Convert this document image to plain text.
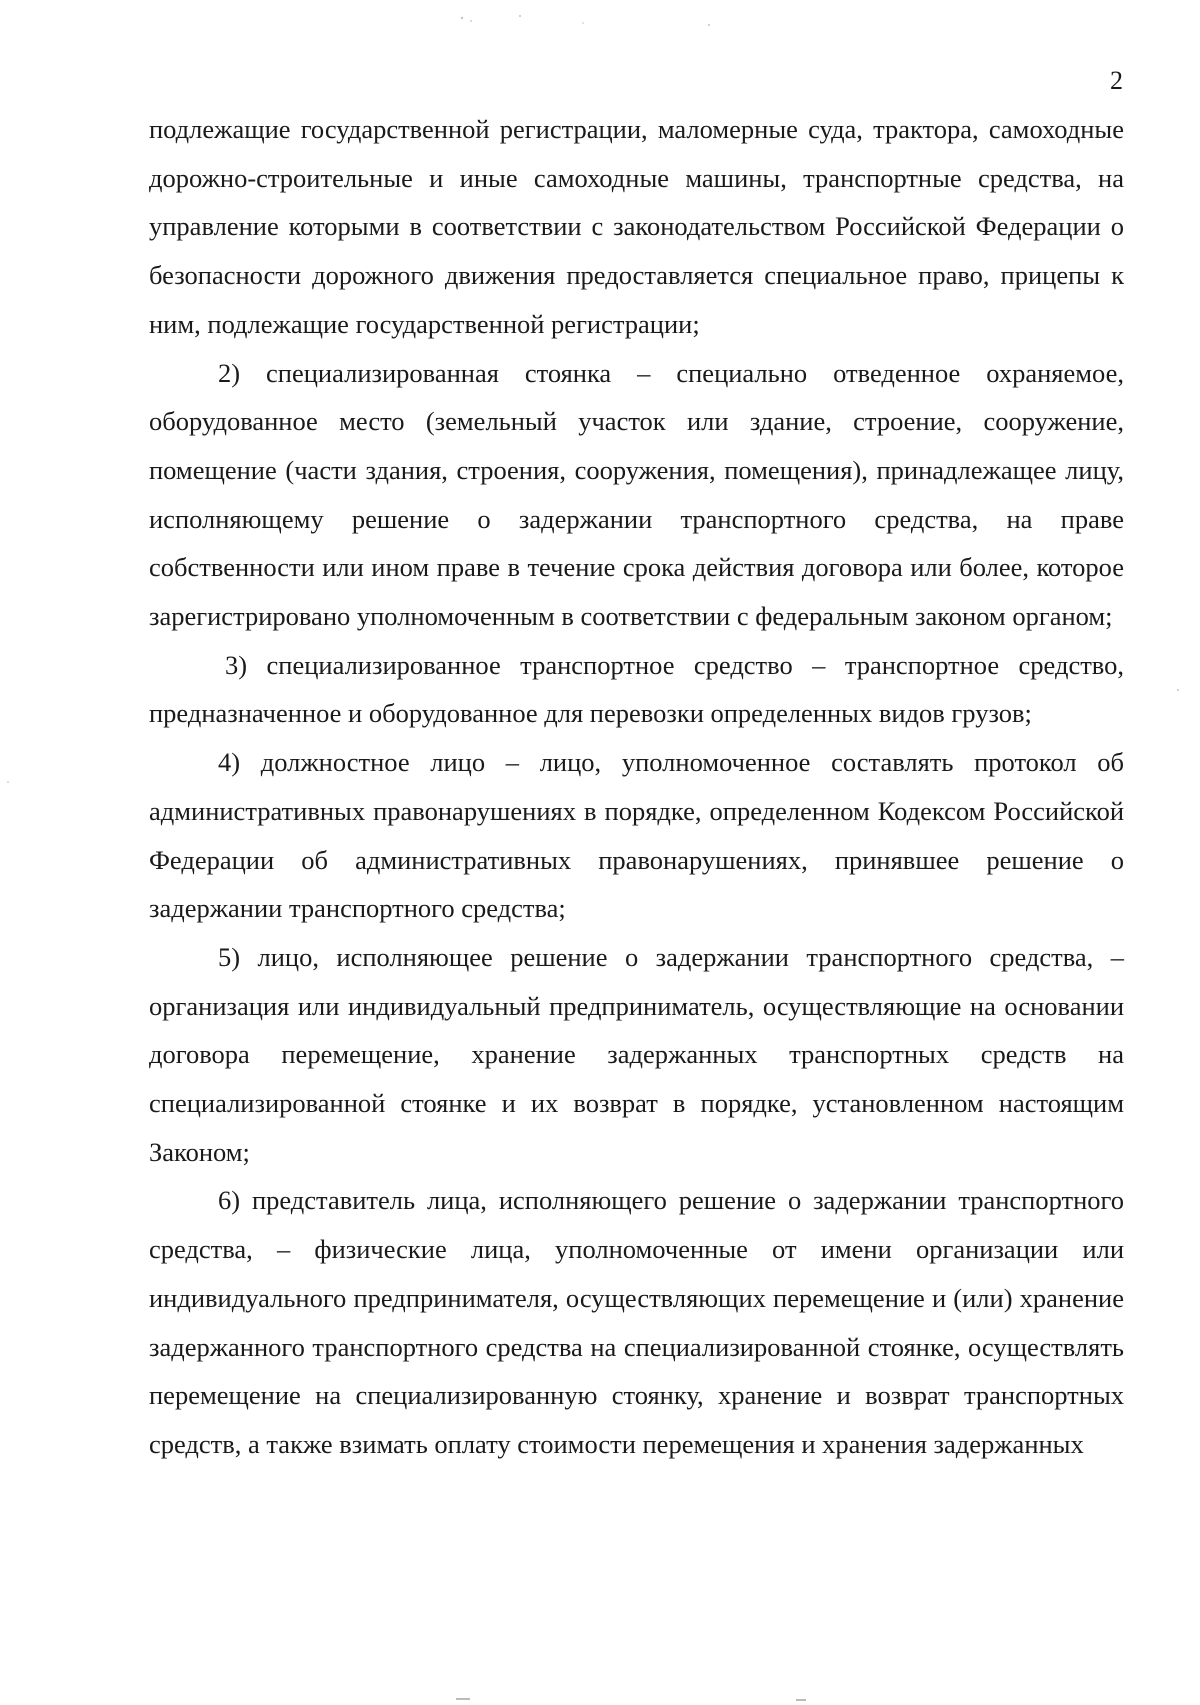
2

подлежащие государственной регистрации, маломерные суда, трактора, самоходные дорожно-строительные и иные самоходные машины, транспортные средства, на управление которыми в соответствии с законодательством Российской Федерации о безопасности дорожного движения предоставляется специальное право, прицепы к ним, подлежащие государственной регистрации;

2) специализированная стоянка – специально отведенное охраняемое, оборудованное место (земельный участок или здание, строение, сооружение, помещение (части здания, строения, сооружения, помещения), принадлежащее лицу, исполняющему решение о задержании транспортного средства, на праве собственности или ином праве в течение срока действия договора или более, которое зарегистрировано уполномоченным в соответствии с федеральным законом органом;

3) специализированное транспортное средство – транспортное средство, предназначенное и оборудованное для перевозки определенных видов грузов;

4) должностное лицо – лицо, уполномоченное составлять протокол об административных правонарушениях в порядке, определенном Кодексом Российской Федерации об административных правонарушениях, принявшее решение о задержании транспортного средства;

5) лицо, исполняющее решение о задержании транспортного средства, – организация или индивидуальный предприниматель, осуществляющие на основании договора перемещение, хранение задержанных транспортных средств на специализированной стоянке и их возврат в порядке, установленном настоящим Законом;

6) представитель лица, исполняющего решение о задержании транспортного средства, – физические лица, уполномоченные от имени организации или индивидуального предпринимателя, осуществляющих перемещение и (или) хранение задержанного транспортного средства на специализированной стоянке, осуществлять перемещение на специализированную стоянку, хранение и возврат транспортных средств, а также взимать оплату стоимости перемещения и хранения задержанных
